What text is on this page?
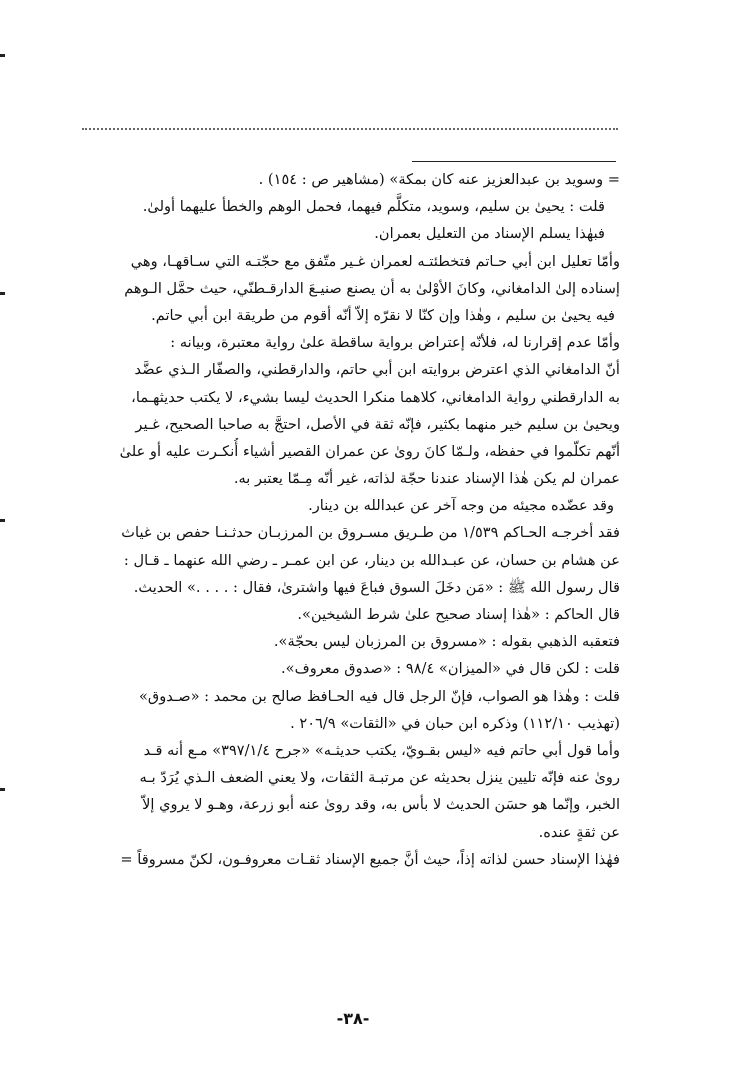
= وسويد بن عبدالعزيز عنه كان بمكة» (مشاهير ص : ١٥٤) .
قلت : يحيىٰ بن سليم، وسويد، متكلَّم فيهما، فحمل الوهم والخطأ عليهما أولىٰ.
فبهٰذا يسلم الإسناد من التعليل بعمران.
وأمّا تعليل ابن أبي حـاتم فتخطئتـه لعمران غـير متّفق مع حجّتـه التي سـاقهـا، وهي
إسناده إلىٰ الدامغاني، وكانَ الأوْلىٰ به أن يصنع صنيـعَ الدارقـطنّي، حيث حمَّل الـوهم
فيه يحيىٰ بن سليم ، وهٰذا وإن كنّا لا نقرّه إلاّ أنّه أقوم من طريقة ابن أبي حاتم.
وأمّا عدم إقرارنا له، فلأنّه إعتراض برواية ساقطة علىٰ رواية معتبرة، وبيانه :
أنّ الدامغاني الذي اعترض بروايته ابن أبي حاتم، والدارقطني، والصفّار الـذي عضَّد
به الدارقطني رواية الدامغاني، كلاهما منكرا الحديث ليسا بشيء، لا يكتب حديثهـما،
ويحيىٰ بن سليم خير منهما بكثير، فإنّه ثقة في الأصل، احتجَّ به صاحبا الصحيح، غـير
أنّهم تكلّموا في حفظه، ولـمّا كانَ روىٰ عن عمران القصير أشياء أُنكـرت عليه أو علىٰ
عمران لم يكن هٰذا الإسناد عندنا حجّة لذاته، غير أنّه مِـمّا يعتبر به.
وقد عضّده مجيئه من وجه آخر عن عبدالله بن دينار.
فقد أخرجـه الحـاكم ١/٥٣٩ من طـريق مسـروق بن المرزبـان حدثـنـا حفص بن غياث
عن هشام بن حسان، عن عبـدالله بن دينار، عن ابن عمـر ـ رضي الله عنهما ـ قـال :
قال رسول الله ﷺ : «مَن دخَلَ السوق فباعَ فيها واشترىٰ، فقال : . . . .» الحديث.
قال الحاكم : «هٰذا إسناد صحيح علىٰ شرط الشيخين».
فتعقبه الذهبي بقوله : «مسروق بن المرزبان ليس بحجّة».
قلت : لكن قال في «الميزان» ٩٨/٤ : «صدوق معروف».
قلت : وهٰذا هو الصواب، فإنّ الرجل قال فيه الحـافظ صالح بن محمد : «صـدوق»
(تهذيب ١١٢/١٠) وذكره ابن حبان في «الثقات» ٢٠٦/٩ .
وأما قول أبي حاتم فيه «ليس بقـويّ، يكتب حديثـه» «جرح ٣٩٧/١/٤» مـع أنه قـد
روىٰ عنه فإنّه تليين ينزل بحديثه عن مرتبـة الثقات، ولا يعني الضعف الـذي يُرَدّ بـه
الخبر، وإنّما هو حسَن الحديث لا بأس به، وقد روىٰ عنه أبو زرعة، وهـو لا يروي إلاّ
عن ثقةٍ عنده.
فهٰذا الإسناد حسن لذاته إذاً، حيث أنَّ جميع الإسناد ثقـات معروفـون، لكنّ مسروقاً =
-٣٨-
